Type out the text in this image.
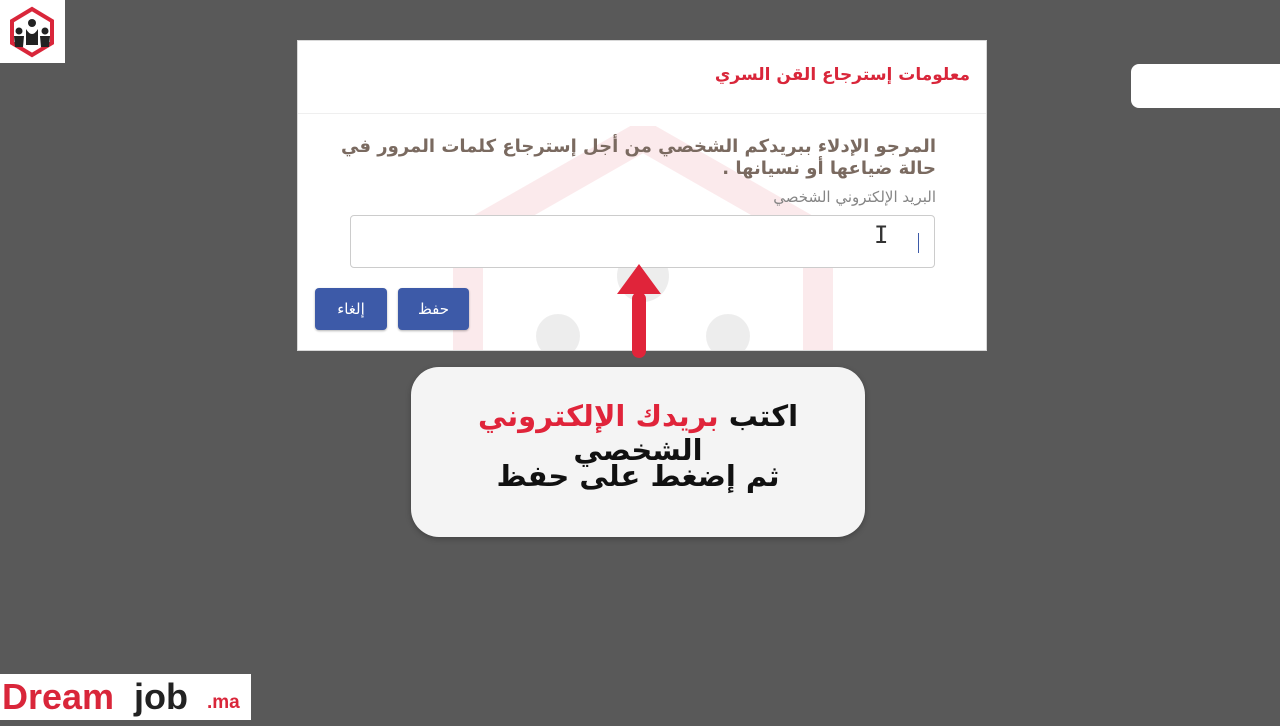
معلومات إسترجاع القن السري
المرجو الإدلاء ببريدكم الشخصي من أجل إسترجاع كلمات المرور في حالة ضياعها أو نسيانها .
البريد الإلكتروني الشخصي
I
حفظ
إلغاء
اكتب بريدك الإلكتروني الشخصي
ثم إضغط على حفظ
Dream job .ma
